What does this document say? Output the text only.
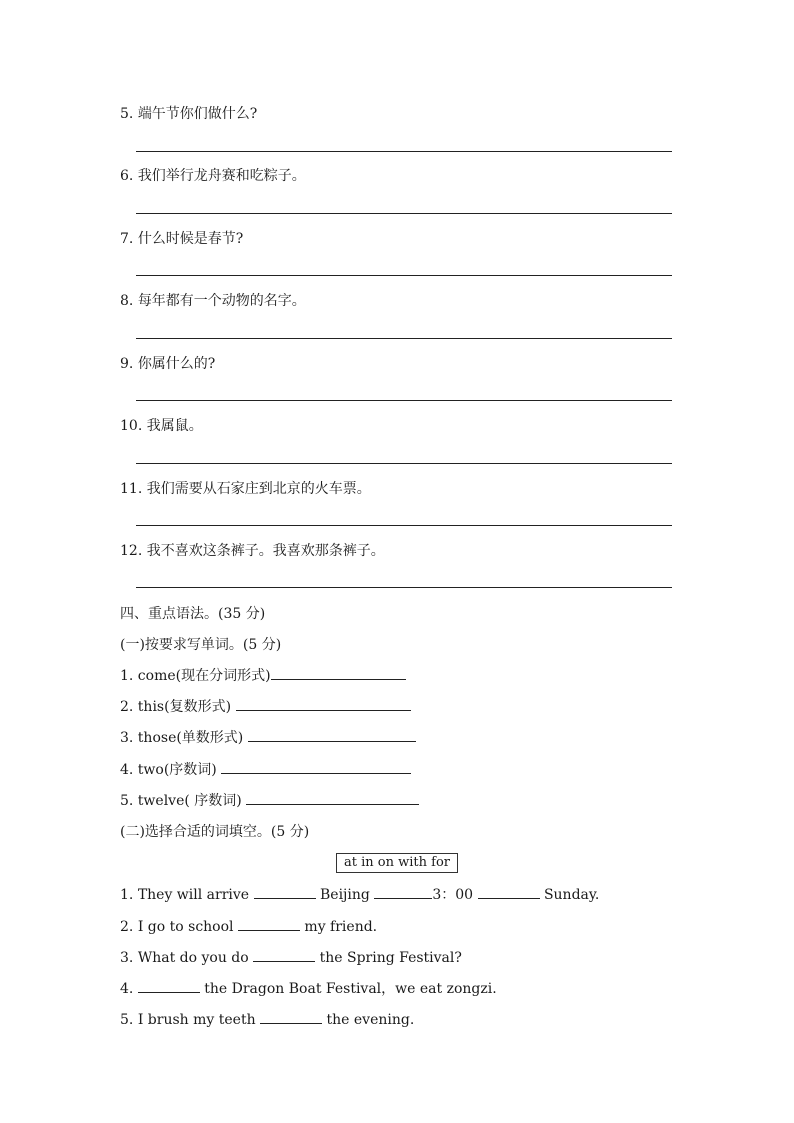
5. 端午节你们做什么?
6. 我们举行龙舟赛和吃粽子。
7. 什么时候是春节?
8. 每年都有一个动物的名字。
9. 你属什么的?
10. 我属鼠。
11. 我们需要从石家庄到北京的火车票。
12. 我不喜欢这条裤子。我喜欢那条裤子。
四、重点语法。(35 分)
(一)按要求写单词。(5 分)
1. come(现在分词形式)
2. this(复数形式)
3. those(单数形式)
4. two(序数词)
5. twelve( 序数词)
(二)选择合适的词填空。(5 分)
at in on with for
1. They will arrive	Beijing	3：00	Sunday.
2. I go to school	my friend.
3. What do you do	the Spring Festival?
4.	the Dragon Boat Festival，we eat zongzi.
5. I brush my teeth	the evening.
